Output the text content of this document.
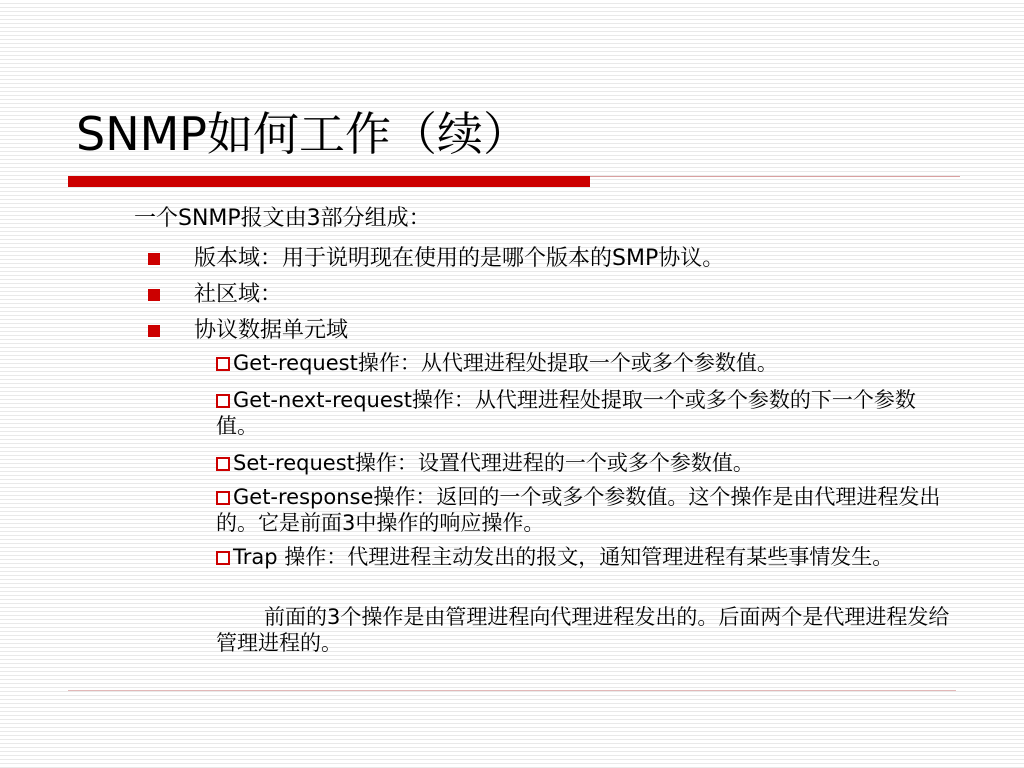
SNMP如何工作（续）
一个SNMP报文由3部分组成：
版本域：用于说明现在使用的是哪个版本的SMP协议。
社区域：
协议数据单元域
Get-request操作：从代理进程处提取一个或多个参数值。
Get-next-request操作：从代理进程处提取一个或多个参数的下一个参数值。
Set-request操作：设置代理进程的一个或多个参数值。
Get-response操作：返回的一个或多个参数值。这个操作是由代理进程发出的。它是前面3中操作的响应操作。
Trap 操作：代理进程主动发出的报文，通知管理进程有某些事情发生。
前面的3个操作是由管理进程向代理进程发出的。后面两个是代理进程发给管理进程的。
